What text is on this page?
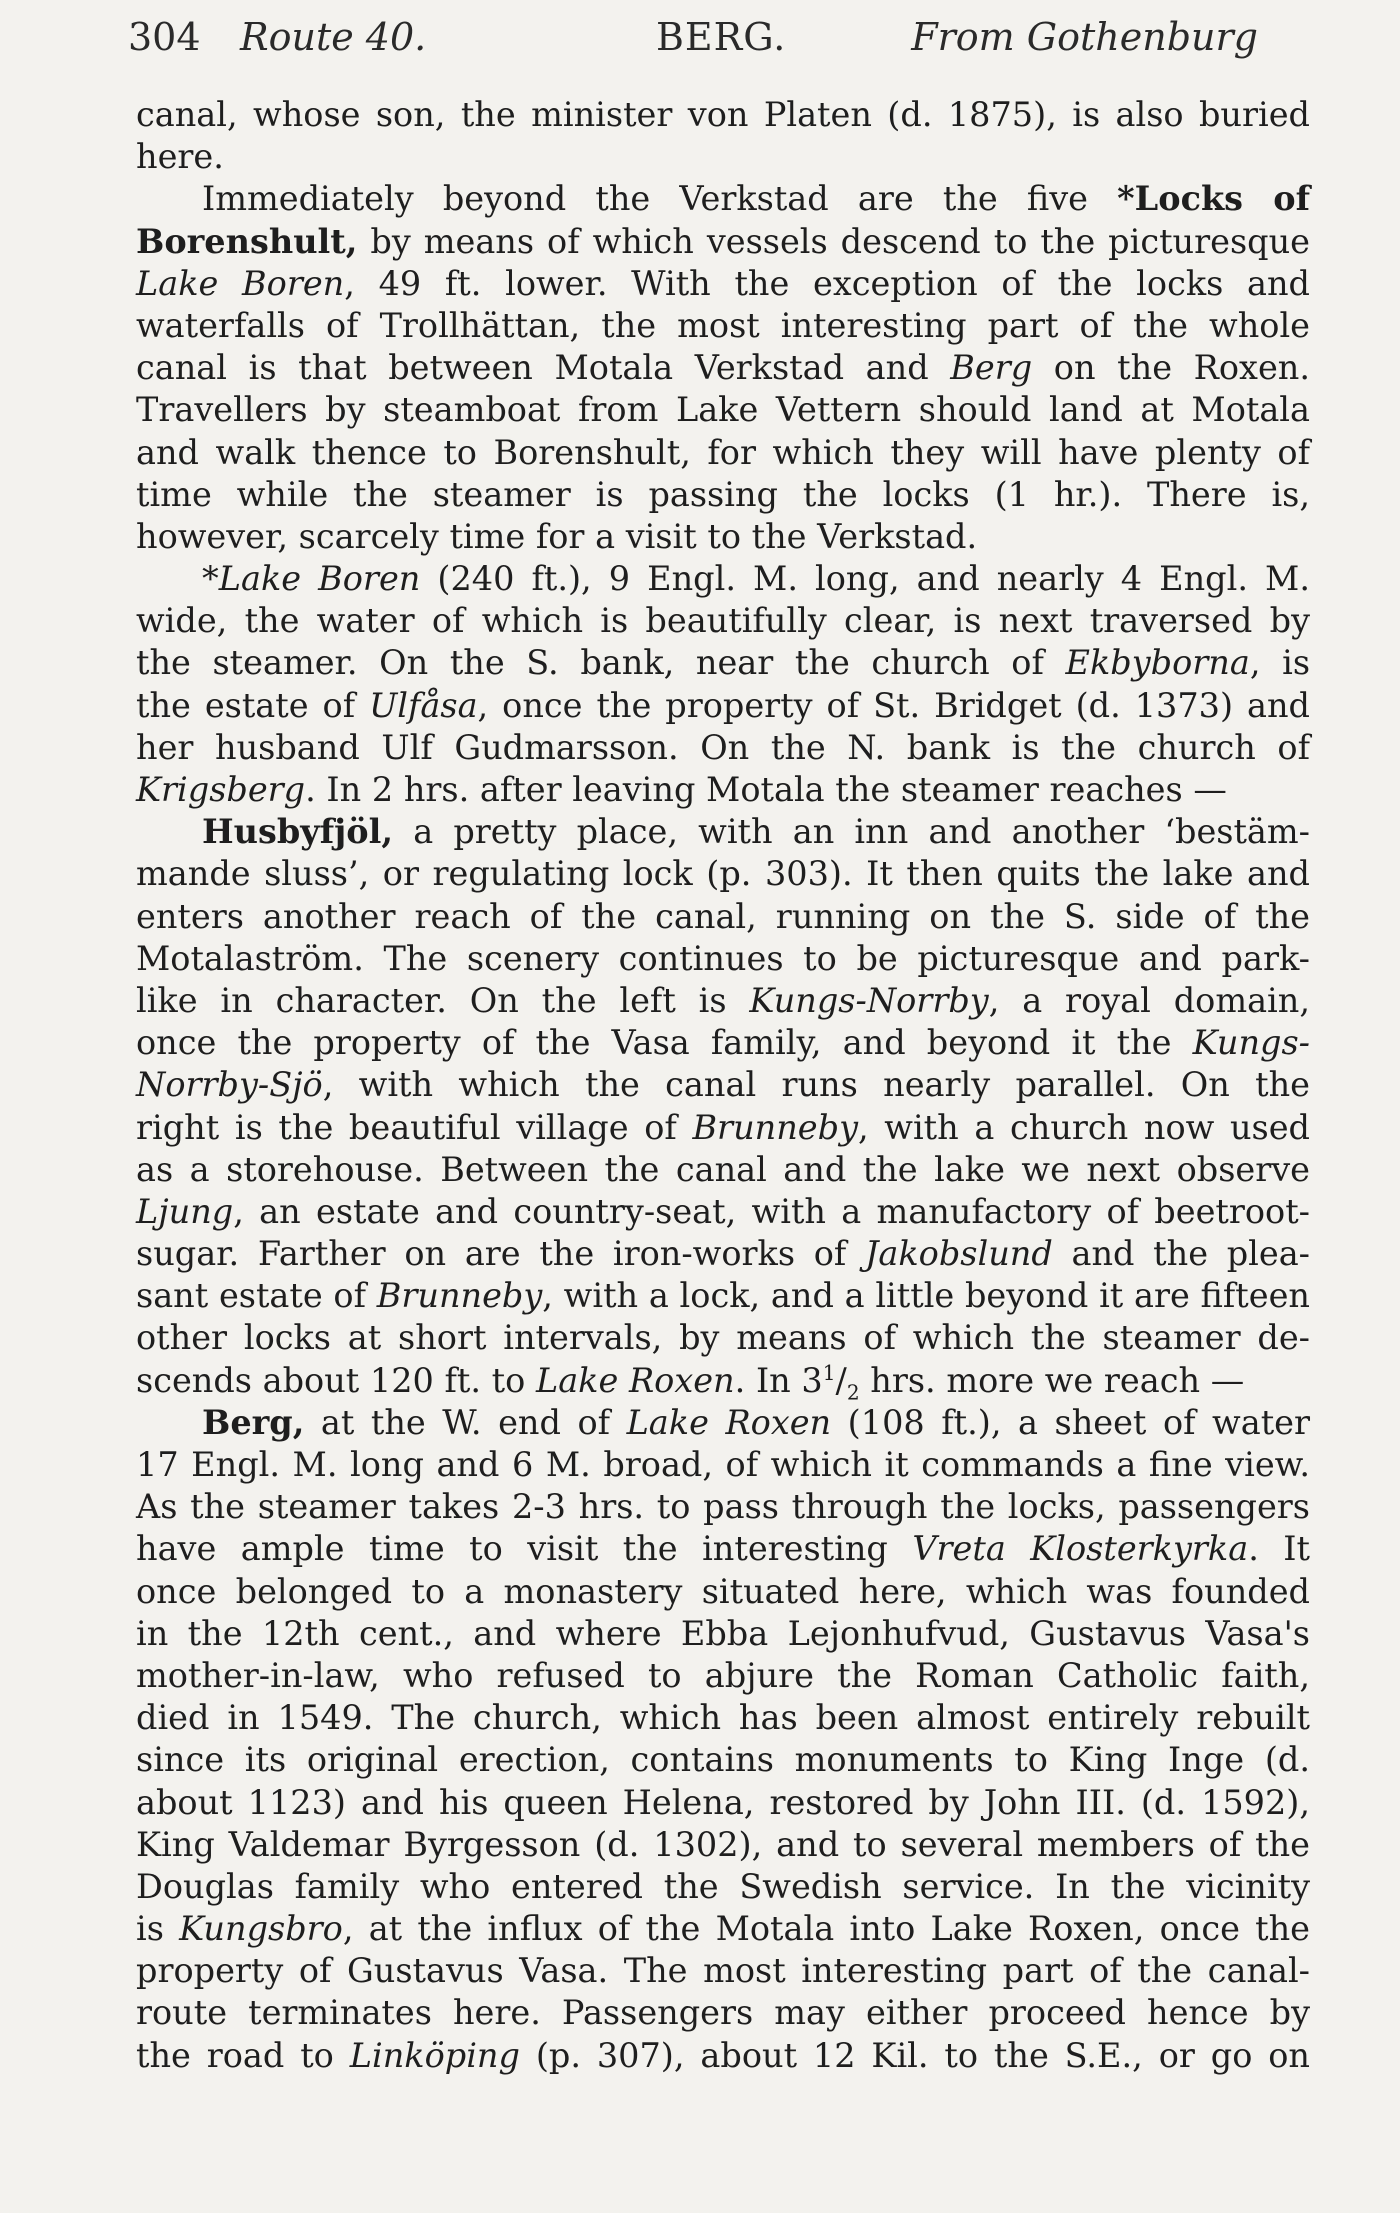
304 Route 40.	BERG.	From Gothenburg
canal, whose son, the minister von Platen (d. 1875), is also buried
here.
Immediately beyond the Verkstad are the five *Locks of
Borenshult, by means of which vessels descend to the picturesque
Lake Boren, 49 ft. lower. With the exception of the locks and
waterfalls of Trollhättan, the most interesting part of the whole
canal is that between Motala Verkstad and Berg on the Roxen.
Travellers by steamboat from Lake Vettern should land at Motala
and walk thence to Borenshult, for which they will have plenty of
time while the steamer is passing the locks (1 hr.). There is,
however, scarcely time for a visit to the Verkstad.
*Lake Boren (240 ft.), 9 Engl. M. long, and nearly 4 Engl. M.
wide, the water of which is beautifully clear, is next traversed by
the steamer. On the S. bank, near the church of Ekbyborna, is
the estate of Ulfåsa, once the property of St. Bridget (d. 1373) and
her husband Ulf Gudmarsson. On the N. bank is the church of
Krigsberg. In 2 hrs. after leaving Motala the steamer reaches —
Husbyfjöl, a pretty place, with an inn and another ‘bestäm-
mande sluss’, or regulating lock (p. 303). It then quits the lake and
enters another reach of the canal, running on the S. side of the
Motalaström. The scenery continues to be picturesque and park-
like in character. On the left is Kungs-Norrby, a royal domain,
once the property of the Vasa family, and beyond it the Kungs-
Norrby-Sjö, with which the canal runs nearly parallel. On the
right is the beautiful village of Brunneby, with a church now used
as a storehouse. Between the canal and the lake we next observe
Ljung, an estate and country-seat, with a manufactory of beetroot-
sugar. Farther on are the iron-works of Jakobslund and the plea-
sant estate of Brunneby, with a lock, and a little beyond it are fifteen
other locks at short intervals, by means of which the steamer de-
scends about 120 ft. to Lake Roxen. In $3^1/_2$ hrs. more we reach —
Berg, at the W. end of Lake Roxen (108 ft.), a sheet of water
17 Engl. M. long and 6 M. broad, of which it commands a fine view.
As the steamer takes 2-3 hrs. to pass through the locks, passengers
have ample time to visit the interesting Vreta Klosterkyrka. It
once belonged to a monastery situated here, which was founded
in the 12th cent., and where Ebba Lejonhufvud, Gustavus Vasa's
mother-in-law, who refused to abjure the Roman Catholic faith,
died in 1549. The church, which has been almost entirely rebuilt
since its original erection, contains monuments to King Inge (d.
about 1123) and his queen Helena, restored by John III. (d. 1592),
King Valdemar Byrgesson (d. 1302), and to several members of the
Douglas family who entered the Swedish service. In the vicinity
is Kungsbro, at the influx of the Motala into Lake Roxen, once the
property of Gustavus Vasa. The most interesting part of the canal-
route terminates here. Passengers may either proceed hence by
the road to Linköping (p. 307), about 12 Kil. to the S.E., or go on
